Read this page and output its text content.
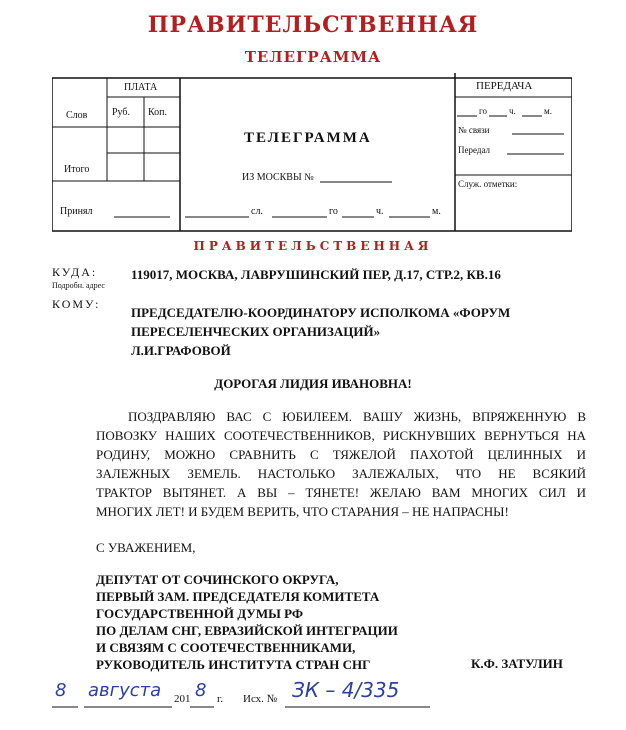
ПРАВИТЕЛЬСТВЕННАЯ
ТЕЛЕГРАММА
ПЛАТА
Слов Руб. Коп.
Итого
Принял
ТЕЛЕГРАММА
ИЗ МОСКВЫ №
сл.	го	ч.	м.
ПЕРЕДАЧА
го ч.	м.
№ связи
Передал
Служ. отметки:
ПРАВИТЕЛЬСТВЕННАЯ
КУДА:
Подробн. адрес
119017, МОСКВА, ЛАВРУШИНСКИЙ ПЕР, Д.17, СТР.2, КВ.16
КОМУ:
ПРЕДСЕДАТЕЛЮ-КООРДИНАТОРУ ИСПОЛКОМА «ФОРУМ
ПЕРЕСЕЛЕНЧЕСКИХ ОРГАНИЗАЦИЙ»
Л.И.ГРАФОВОЙ
ДОРОГАЯ ЛИДИЯ ИВАНОВНА!
ПОЗДРАВЛЯЮ ВАС С ЮБИЛЕЕМ. ВАШУ ЖИЗНЬ, ВПРЯЖЕННУЮ В
ПОВОЗКУ НАШИХ СООТЕЧЕСТВЕННИКОВ, РИСКНУВШИХ ВЕРНУТЬСЯ НА
РОДИНУ, МОЖНО СРАВНИТЬ С ТЯЖЕЛОЙ ПАХОТОЙ ЦЕЛИННЫХ И
ЗАЛЕЖНЫХ ЗЕМЕЛЬ. НАСТОЛЬКО ЗАЛЕЖАЛЫХ, ЧТО НЕ ВСЯКИЙ
ТРАКТОР ВЫТЯНЕТ. А ВЫ – ТЯНЕТЕ! ЖЕЛАЮ ВАМ МНОГИХ СИЛ И
МНОГИХ ЛЕТ! И БУДЕМ ВЕРИТЬ, ЧТО СТАРАНИЯ – НЕ НАПРАСНЫ!
С УВАЖЕНИЕМ,
ДЕПУТАТ ОТ СОЧИНСКОГО ОКРУГА,
ПЕРВЫЙ ЗАМ. ПРЕДСЕДАТЕЛЯ КОМИТЕТА
ГОСУДАРСТВЕННОЙ ДУМЫ РФ
ПО ДЕЛАМ СНГ, ЕВРАЗИЙСКОЙ ИНТЕГРАЦИИ
И СВЯЗЯМ С СООТЕЧЕСТВЕННИКАМИ,
РУКОВОДИТЕЛЬ ИНСТИТУТА СТРАН СНГ	К.Ф. ЗАТУЛИН
8 августа 201 8 г. Исх. № ЗК – 4/335
